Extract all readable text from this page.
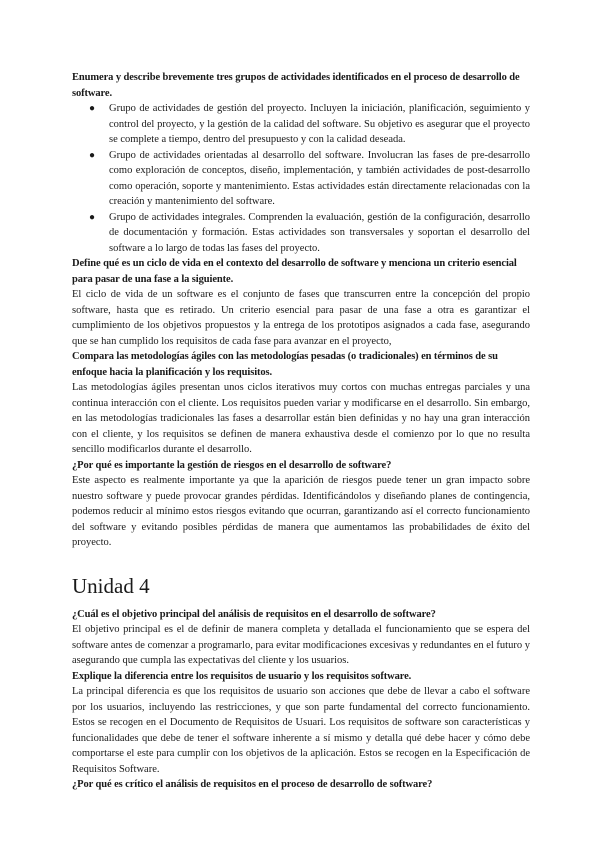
Enumera y describe brevemente tres grupos de actividades identificados en el proceso de desarrollo de software.

● Grupo de actividades de gestión del proyecto. Incluyen la iniciación, planificación, seguimiento y control del proyecto, y la gestión de la calidad del software. Su objetivo es asegurar que el proyecto se complete a tiempo, dentro del presupuesto y con la calidad deseada.
● Grupo de actividades orientadas al desarrollo del software. Involucran las fases de pre-desarrollo como exploración de conceptos, diseño, implementación, y también actividades de post-desarrollo como operación, soporte y mantenimiento. Estas actividades están directamente relacionadas con la creación y mantenimiento del software.
● Grupo de actividades integrales. Comprenden la evaluación, gestión de la configuración, desarrollo de documentación y formación. Estas actividades son transversales y soportan el desarrollo del software a lo largo de todas las fases del proyecto.

Define qué es un ciclo de vida en el contexto del desarrollo de software y menciona un criterio esencial para pasar de una fase a la siguiente.

El ciclo de vida de un software es el conjunto de fases que transcurren entre la concepción del propio software, hasta que es retirado. Un criterio esencial para pasar de una fase a otra es garantizar el cumplimiento de los objetivos propuestos y la entrega de los prototipos asignados a cada fase, asegurando que se han cumplido los requisitos de cada fase para avanzar en el proyecto,

Compara las metodologías ágiles con las metodologías pesadas (o tradicionales) en términos de su enfoque hacia la planificación y los requisitos.

Las metodologías ágiles presentan unos ciclos iterativos muy cortos con muchas entregas parciales y una continua interacción con el cliente. Los requisitos pueden variar y modificarse en el desarrollo. Sin embargo, en las metodologías tradicionales las fases a desarrollar están bien definidas y no hay una gran interacción con el cliente, y los requisitos se definen de manera exhaustiva desde el comienzo por lo que no resulta sencillo modificarlos durante el desarrollo.

¿Por qué es importante la gestión de riesgos en el desarrollo de software?

Este aspecto es realmente importante ya que la aparición de riesgos puede tener un gran impacto sobre nuestro software y puede provocar grandes pérdidas. Identificándolos y diseñando planes de contingencia, podemos reducir al mínimo estos riesgos evitando que ocurran, garantizando así el correcto funcionamiento del software y evitando posibles pérdidas de manera que aumentamos las probabilidades de éxito del proyecto.

Unidad 4

¿Cuál es el objetivo principal del análisis de requisitos en el desarrollo de software?

El objetivo principal es el de definir de manera completa y detallada el funcionamiento que se espera del software antes de comenzar a programarlo, para evitar modificaciones excesivas y redundantes en el futuro y asegurando que cumpla las expectativas del cliente y los usuarios.

Explique la diferencia entre los requisitos de usuario y los requisitos software.

La principal diferencia es que los requisitos de usuario son acciones que debe de llevar a cabo el software por los usuarios, incluyendo las restricciones, y que son parte fundamental del correcto funcionamiento. Estos se recogen en el Documento de Requisitos de Usuari. Los requisitos de software son características y funcionalidades que debe de tener el software inherente a sí mismo y detalla qué debe hacer y cómo debe comportarse el este para cumplir con los objetivos de la aplicación. Estos se recogen en la Especificación de Requisitos Software.

¿Por qué es crítico el análisis de requisitos en el proceso de desarrollo de software?
